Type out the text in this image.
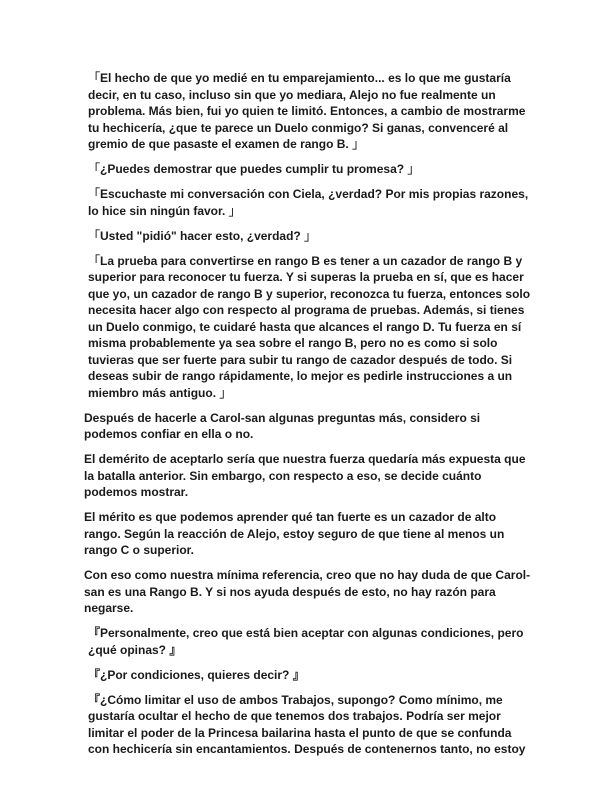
「El hecho de que yo medié en tu emparejamiento... es lo que me gustaría decir, en tu caso, incluso sin que yo mediara, Alejo no fue realmente un problema. Más bien, fui yo quien te limitó. Entonces, a cambio de mostrarme tu hechicería, ¿que te parece un Duelo conmigo? Si ganas, convenceré al gremio de que pasaste el examen de rango B. 」

「¿Puedes demostrar que puedes cumplir tu promesa? 」

「Escuchaste mi conversación con Ciela, ¿verdad? Por mis propias razones, lo hice sin ningún favor. 」

「Usted "pidió" hacer esto, ¿verdad? 」

「La prueba para convertirse en rango B es tener a un cazador de rango B y superior para reconocer tu fuerza. Y si superas la prueba en sí, que es hacer que yo, un cazador de rango B y superior, reconozca tu fuerza, entonces solo necesita hacer algo con respecto al programa de pruebas. Además, si tienes un Duelo conmigo, te cuidaré hasta que alcances el rango D. Tu fuerza en sí misma probablemente ya sea sobre el rango B, pero no es como si solo tuvieras que ser fuerte para subir tu rango de cazador después de todo. Si deseas subir de rango rápidamente, lo mejor es pedirle instrucciones a un miembro más antiguo. 」

Después de hacerle a Carol-san algunas preguntas más, considero si podemos confiar en ella o no.

El demérito de aceptarlo sería que nuestra fuerza quedaría más expuesta que la batalla anterior. Sin embargo, con respecto a eso, se decide cuánto podemos mostrar.

El mérito es que podemos aprender qué tan fuerte es un cazador de alto rango. Según la reacción de Alejo, estoy seguro de que tiene al menos un rango C o superior.

Con eso como nuestra mínima referencia, creo que no hay duda de que Carol-san es una Rango B. Y si nos ayuda después de esto, no hay razón para negarse.

『Personalmente, creo que está bien aceptar con algunas condiciones, pero ¿qué opinas? 』

『¿Por condiciones, quieres decir? 』

『¿Cómo limitar el uso de ambos Trabajos, supongo? Como mínimo, me gustaría ocultar el hecho de que tenemos dos trabajos. Podría ser mejor limitar el poder de la Princesa bailarina hasta el punto de que se confunda con hechicería sin encantamientos. Después de contenernos tanto, no estoy
